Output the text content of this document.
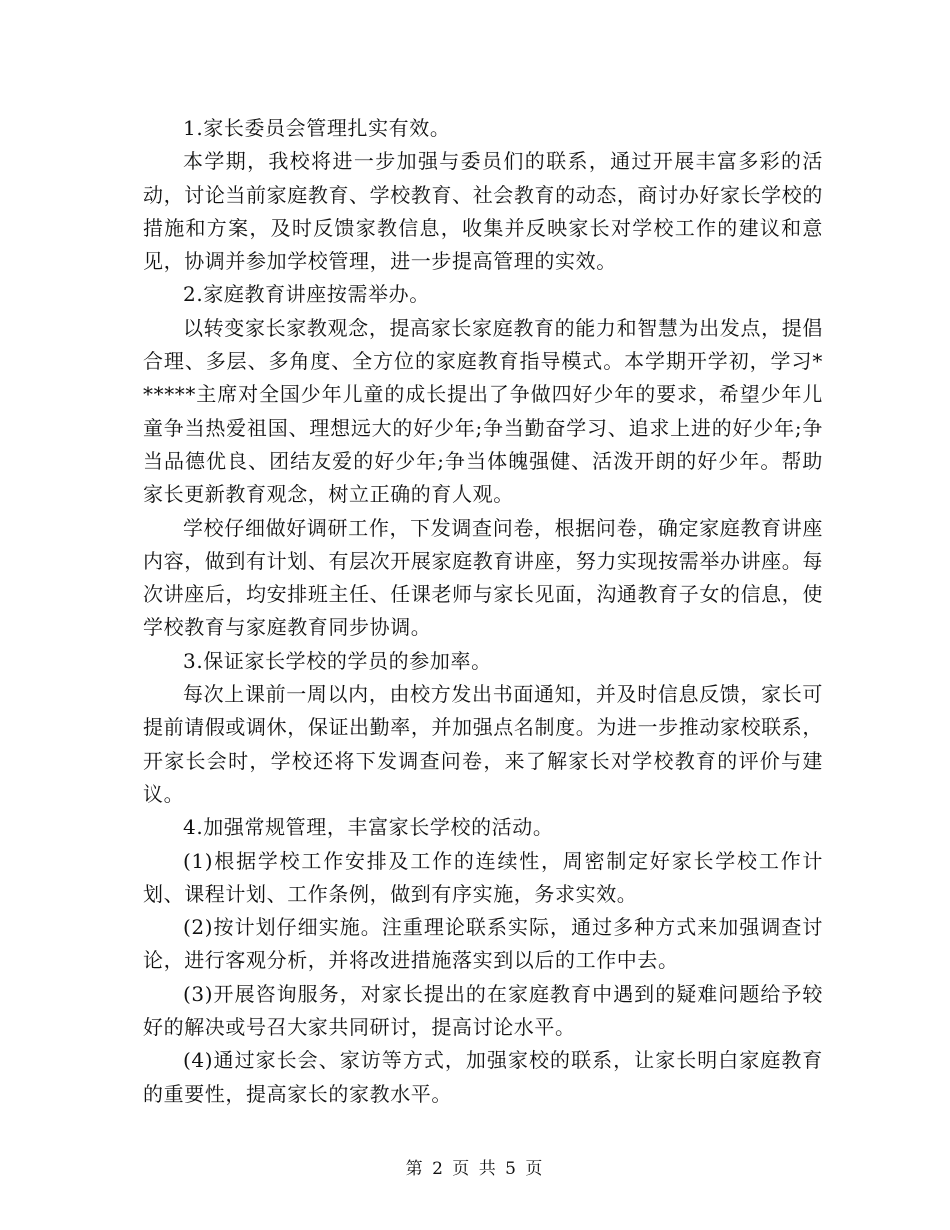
1.家长委员会管理扎实有效。

本学期，我校将进一步加强与委员们的联系，通过开展丰富多彩的活动，讨论当前家庭教育、学校教育、社会教育的动态，商讨办好家长学校的措施和方案，及时反馈家教信息，收集并反映家长对学校工作的建议和意见，协调并参加学校管理，进一步提高管理的实效。

2.家庭教育讲座按需举办。

以转变家长家教观念，提高家长家庭教育的能力和智慧为出发点，提倡合理、多层、多角度、全方位的家庭教育指导模式。本学期开学初，学习******主席对全国少年儿童的成长提出了争做四好少年的要求，希望少年儿童争当热爱祖国、理想远大的好少年;争当勤奋学习、追求上进的好少年;争当品德优良、团结友爱的好少年;争当体魄强健、活泼开朗的好少年。帮助家长更新教育观念，树立正确的育人观。

学校仔细做好调研工作，下发调查问卷，根据问卷，确定家庭教育讲座内容，做到有计划、有层次开展家庭教育讲座，努力实现按需举办讲座。每次讲座后，均安排班主任、任课老师与家长见面，沟通教育子女的信息，使学校教育与家庭教育同步协调。

3.保证家长学校的学员的参加率。

每次上课前一周以内，由校方发出书面通知，并及时信息反馈，家长可提前请假或调休，保证出勤率，并加强点名制度。为进一步推动家校联系，开家长会时，学校还将下发调查问卷，来了解家长对学校教育的评价与建议。

4.加强常规管理，丰富家长学校的活动。

(1)根据学校工作安排及工作的连续性，周密制定好家长学校工作计划、课程计划、工作条例，做到有序实施，务求实效。

(2)按计划仔细实施。注重理论联系实际，通过多种方式来加强调查讨论，进行客观分析，并将改进措施落实到以后的工作中去。

(3)开展咨询服务，对家长提出的在家庭教育中遇到的疑难问题给予较好的解决或号召大家共同研讨，提高讨论水平。

(4)通过家长会、家访等方式，加强家校的联系，让家长明白家庭教育的重要性，提高家长的家教水平。

第 2 页 共 5 页
